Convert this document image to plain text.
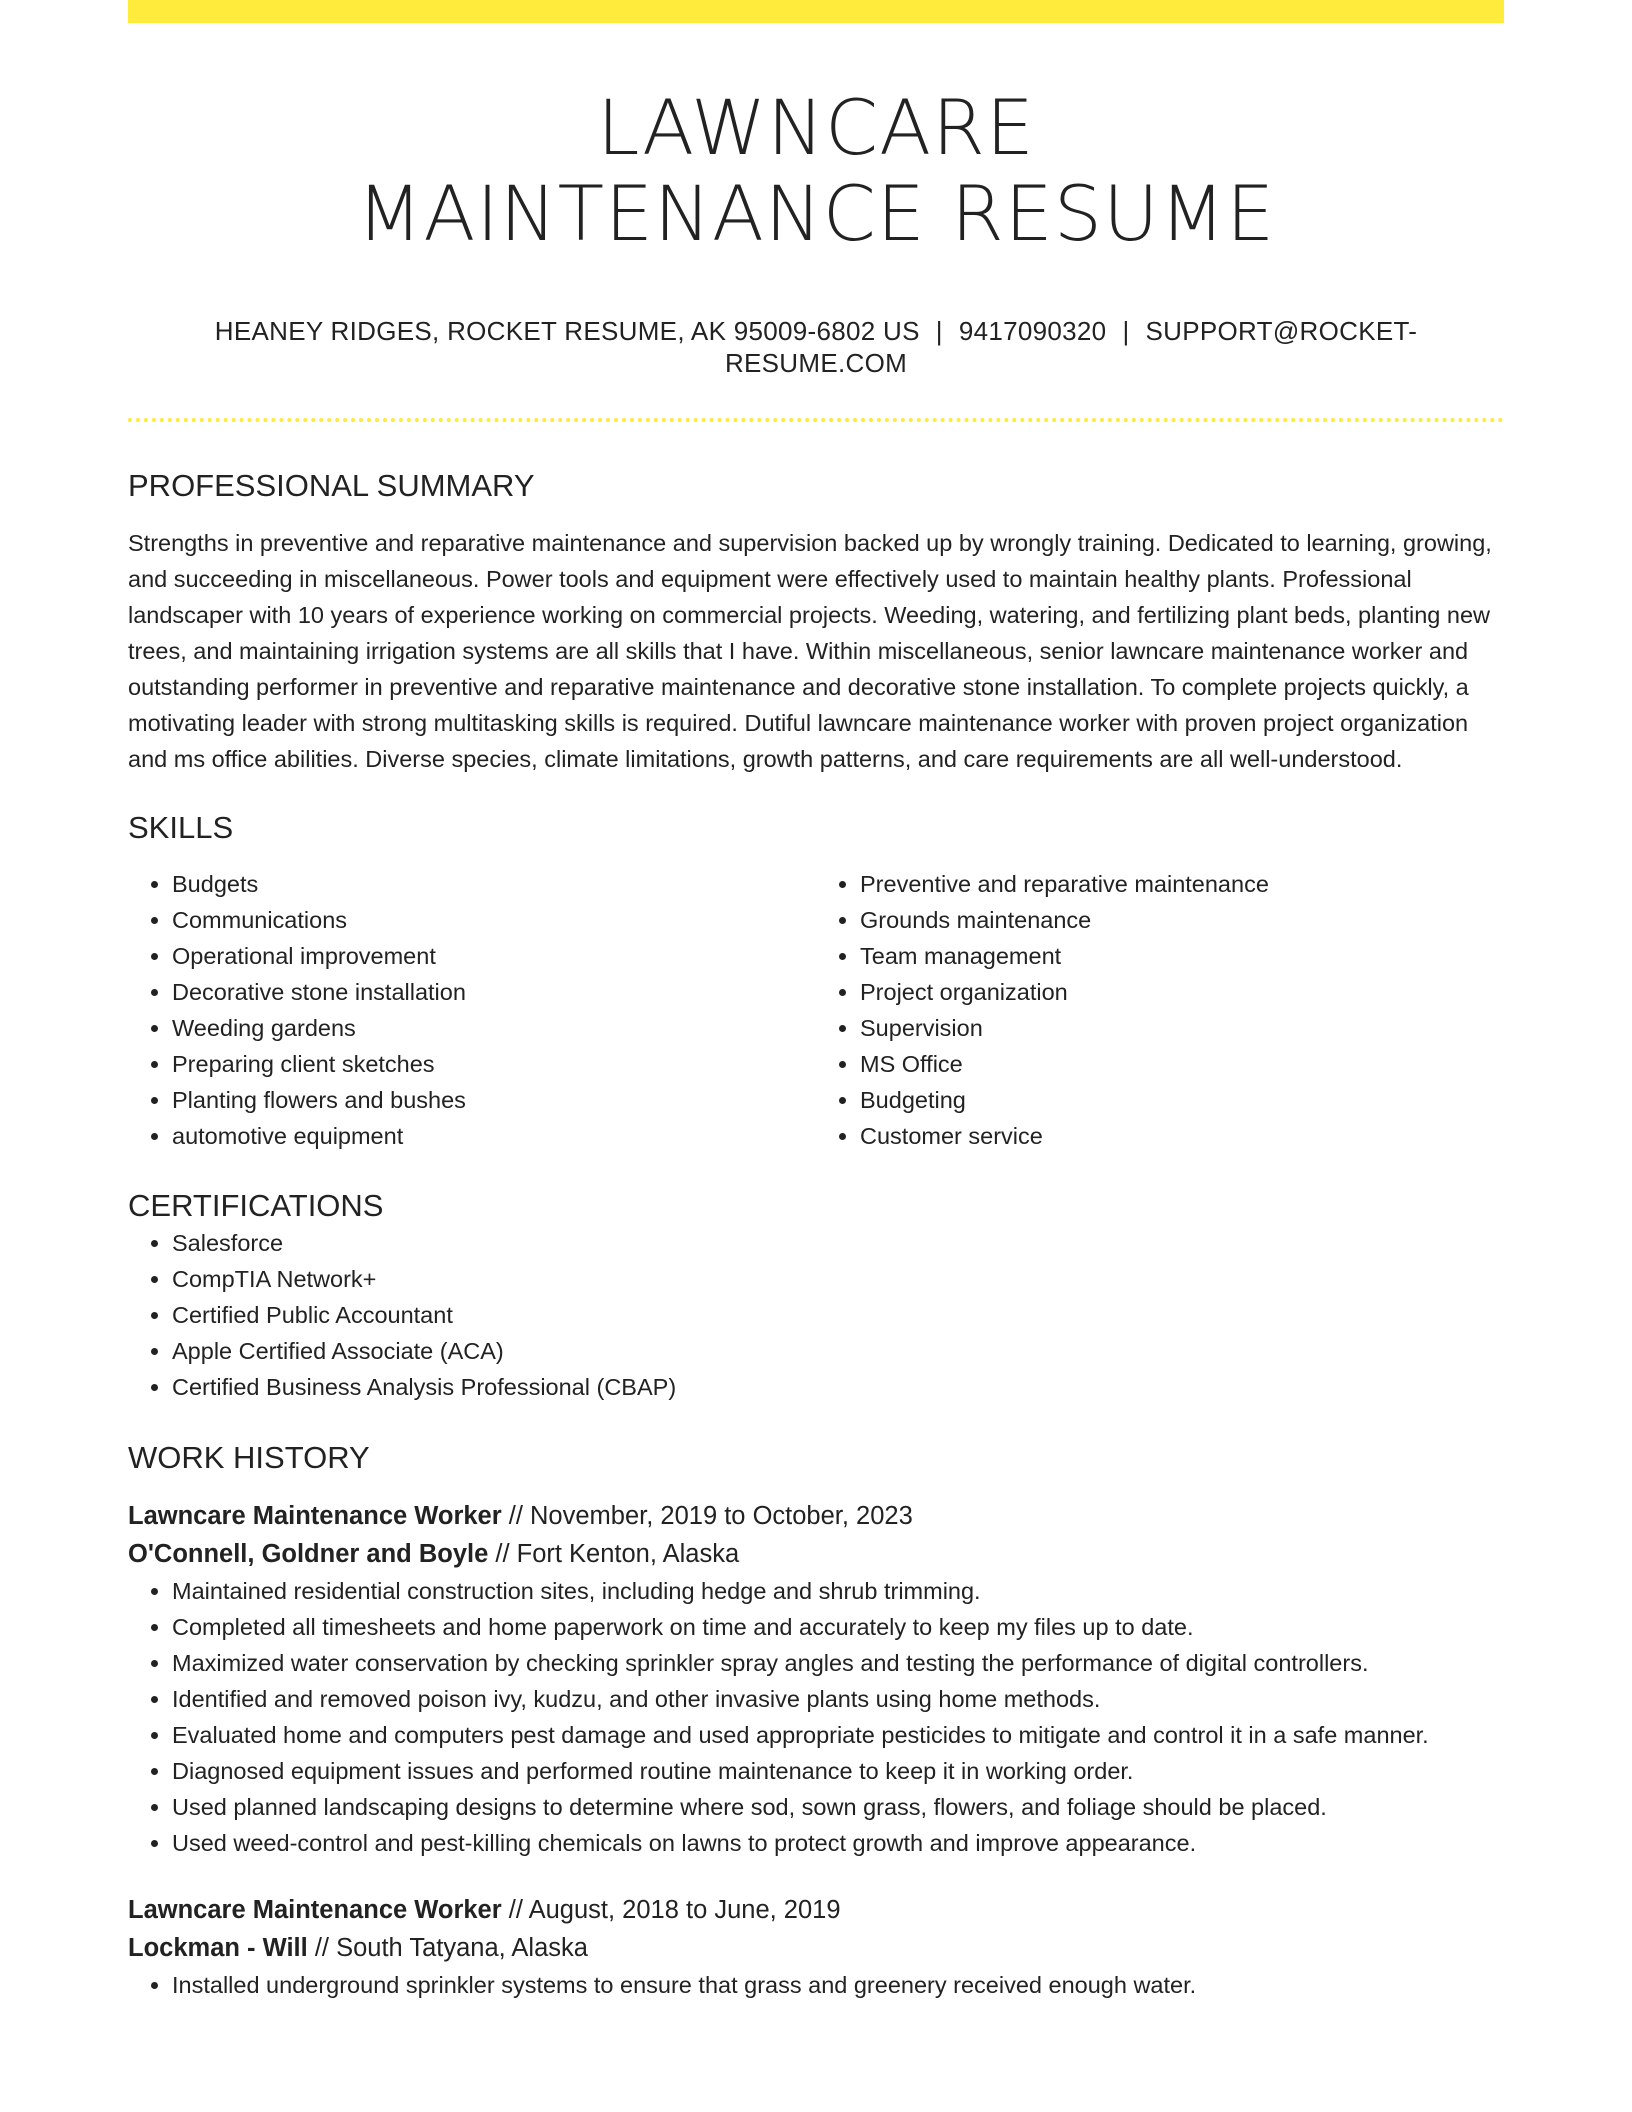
LAWNCARE
MAINTENANCE RESUME
HEANEY RIDGES, ROCKET RESUME, AK 95009-6802 US | 9417090320 | SUPPORT@ROCKET-RESUME.COM
PROFESSIONAL SUMMARY

Strengths in preventive and reparative maintenance and supervision backed up by wrongly training. Dedicated to learning, growing, and succeeding in miscellaneous. Power tools and equipment were effectively used to maintain healthy plants. Professional landscaper with 10 years of experience working on commercial projects. Weeding, watering, and fertilizing plant beds, planting new trees, and maintaining irrigation systems are all skills that I have. Within miscellaneous, senior lawncare maintenance worker and outstanding performer in preventive and reparative maintenance and decorative stone installation. To complete projects quickly, a motivating leader with strong multitasking skills is required. Dutiful lawncare maintenance worker with proven project organization and ms office abilities. Diverse species, climate limitations, growth patterns, and care requirements are all well-understood.

SKILLS
• Budgets
• Communications
• Operational improvement
• Decorative stone installation
• Weeding gardens
• Preparing client sketches
• Planting flowers and bushes
• automotive equipment
• Preventive and reparative maintenance
• Grounds maintenance
• Team management
• Project organization
• Supervision
• MS Office
• Budgeting
• Customer service
CERTIFICATIONS
• Salesforce
• CompTIA Network+
• Certified Public Accountant
• Apple Certified Associate (ACA)
• Certified Business Analysis Professional (CBAP)
WORK HISTORY
Lawncare Maintenance Worker // November, 2019 to October, 2023
O'Connell, Goldner and Boyle // Fort Kenton, Alaska
• Maintained residential construction sites, including hedge and shrub trimming.
• Completed all timesheets and home paperwork on time and accurately to keep my files up to date.
• Maximized water conservation by checking sprinkler spray angles and testing the performance of digital controllers.
• Identified and removed poison ivy, kudzu, and other invasive plants using home methods.
• Evaluated home and computers pest damage and used appropriate pesticides to mitigate and control it in a safe manner.
• Diagnosed equipment issues and performed routine maintenance to keep it in working order.
• Used planned landscaping designs to determine where sod, sown grass, flowers, and foliage should be placed.
• Used weed-control and pest-killing chemicals on lawns to protect growth and improve appearance.
Lawncare Maintenance Worker // August, 2018 to June, 2019
Lockman - Will // South Tatyana, Alaska
• Installed underground sprinkler systems to ensure that grass and greenery received enough water.
